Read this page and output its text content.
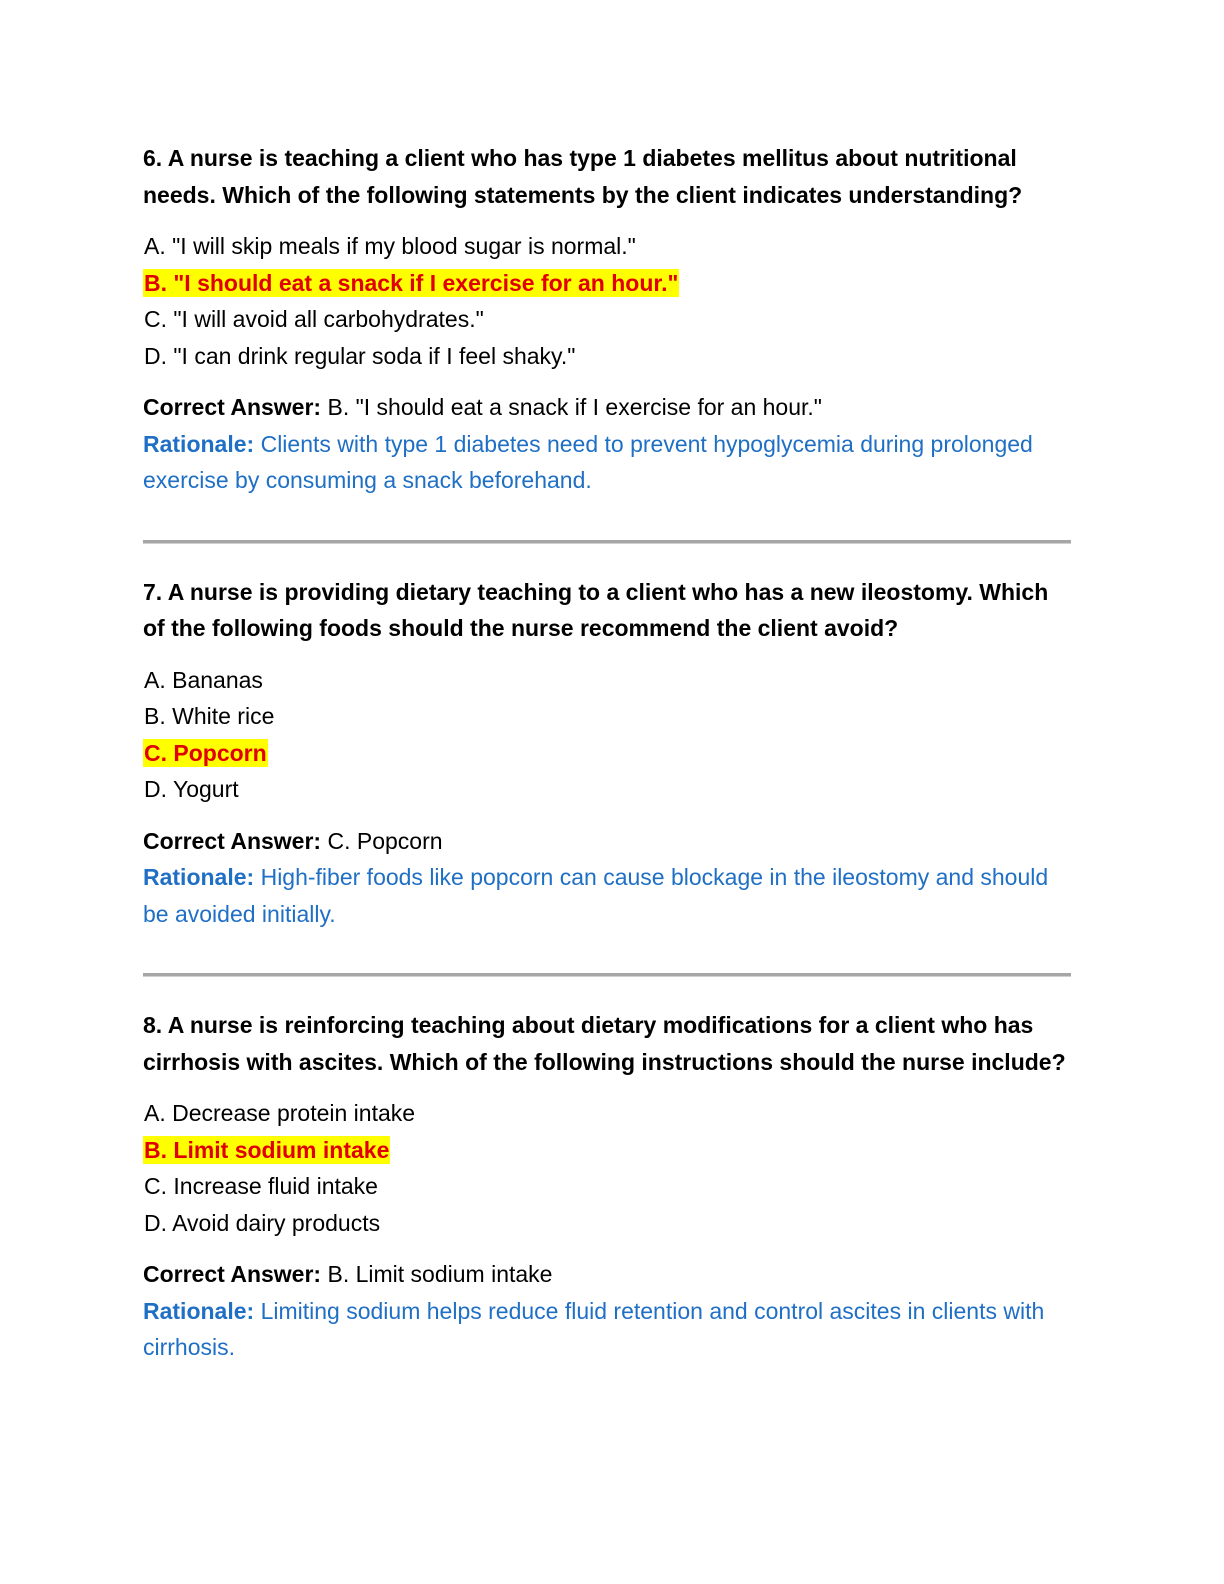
6. A nurse is teaching a client who has type 1 diabetes mellitus about nutritional needs. Which of the following statements by the client indicates understanding?

A. "I will skip meals if my blood sugar is normal."
B. "I should eat a snack if I exercise for an hour."
C. "I will avoid all carbohydrates."
D. "I can drink regular soda if I feel shaky."

Correct Answer: B. "I should eat a snack if I exercise for an hour."

Rationale: Clients with type 1 diabetes need to prevent hypoglycemia during prolonged exercise by consuming a snack beforehand.

7. A nurse is providing dietary teaching to a client who has a new ileostomy. Which of the following foods should the nurse recommend the client avoid?

A. Bananas
B. White rice
C. Popcorn
D. Yogurt

Correct Answer: C. Popcorn

Rationale: High-fiber foods like popcorn can cause blockage in the ileostomy and should be avoided initially.

8. A nurse is reinforcing teaching about dietary modifications for a client who has cirrhosis with ascites. Which of the following instructions should the nurse include?

A. Decrease protein intake
B. Limit sodium intake
C. Increase fluid intake
D. Avoid dairy products

Correct Answer: B. Limit sodium intake

Rationale: Limiting sodium helps reduce fluid retention and control ascites in clients with cirrhosis.
